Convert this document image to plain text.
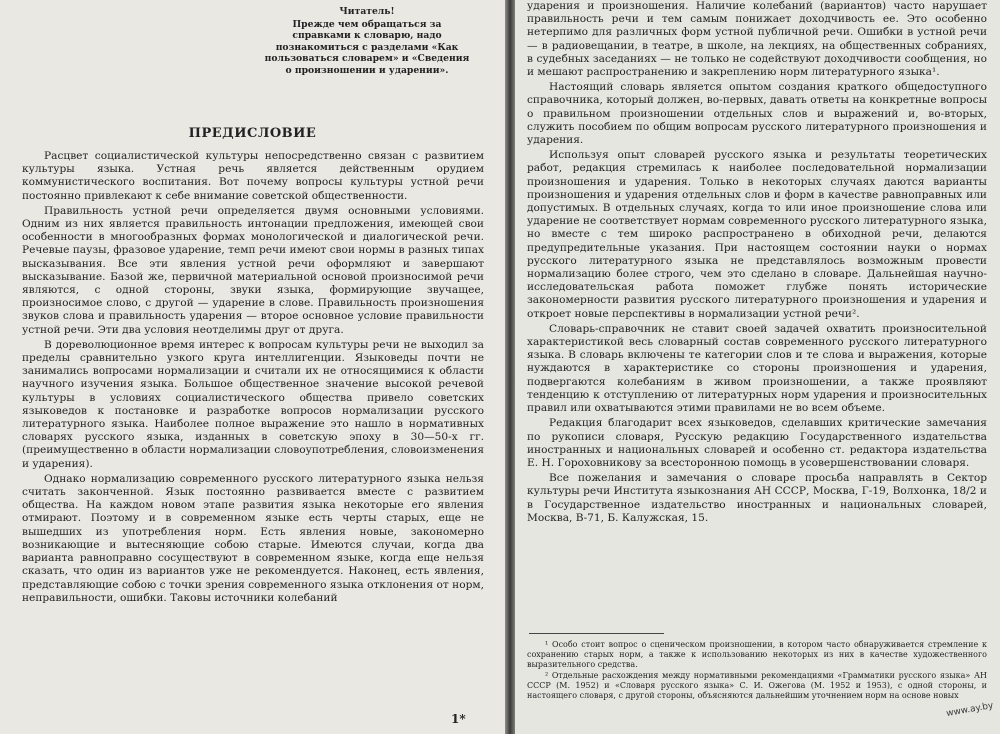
Читатель!

Прежде чем обращаться за справками к словарю, надо познакомиться с разделами «Как пользоваться словарем» и «Сведения о произношении и ударении».

ПРЕДИСЛОВИЕ

Расцвет социалистической культуры непосредственно связан с развитием культуры языка. Устная речь является действенным орудием коммунистического воспитания. Вот почему вопросы культуры устной речи постоянно привлекают к себе внимание советской общественности.

Правильность устной речи определяется двумя основными условиями. Одним из них является правильность интонации предложения, имеющей свои особенности в многообразных формах монологической и диалогической речи. Речевые паузы, фразовое ударение, темп речи имеют свои нормы в разных типах высказывания. Все эти явления устной речи оформляют и завершают высказывание. Базой же, первичной материальной основой произносимой речи являются, с одной стороны, звуки языка, формирующие звучащее, произносимое слово, с другой — ударение в слове. Правильность произношения звуков слова и правильность ударения — второе основное условие правильности устной речи. Эти два условия неотделимы друг от друга.

В дореволюционное время интерес к вопросам культуры речи не выходил за пределы сравнительно узкого круга интеллигенции. Языковеды почти не занимались вопросами нормализации и считали их не относящимися к области научного изучения языка. Большое общественное значение высокой речевой культуры в условиях социалистического общества привело советских языковедов к постановке и разработке вопросов нормализации русского литературного языка. Наиболее полное выражение это нашло в нормативных словарях русского языка, изданных в советскую эпоху в 30—50-х гг. (преимущественно в области нормализации словоупотребления, словоизменения и ударения).

Однако нормализацию современного русского литературного языка нельзя считать законченной. Язык постоянно развивается вместе с развитием общества. На каждом новом этапе развития языка некоторые его явления отмирают. Поэтому и в современном языке есть черты старых, еще не вышедших из употребления норм. Есть явления новые, закономерно возникающие и вытесняющие собою старые. Имеются случаи, когда два варианта равноправно сосуществуют в современном языке, когда еще нельзя сказать, что один из вариантов уже не рекомендуется. Наконец, есть явления, представляющие собою с точки зрения современного языка отклонения от норм, неправильности, ошибки. Таковы источники колебаний

1*

ударения и произношения. Наличие колебаний (вариантов) часто нарушает правильность речи и тем самым понижает доходчивость ее. Это особенно нетерпимо для различных форм устной публичной речи. Ошибки в устной речи — в радиовещании, в театре, в школе, на лекциях, на общественных собраниях, в судебных заседаниях — не только не содействуют доходчивости сообщения, но и мешают распространению и закреплению норм литературного языка¹.

Настоящий словарь является опытом создания краткого общедоступного справочника, который должен, во-первых, давать ответы на конкретные вопросы о правильном произношении отдельных слов и выражений и, во-вторых, служить пособием по общим вопросам русского литературного произношения и ударения.

Используя опыт словарей русского языка и результаты теоретических работ, редакция стремилась к наиболее последовательной нормализации произношения и ударения. Только в некоторых случаях даются варианты произношения и ударения отдельных слов и форм в качестве равноправных или допустимых. В отдельных случаях, когда то или иное произношение слова или ударение не соответствует нормам современного русского литературного языка, но вместе с тем широко распространено в обиходной речи, делаются предупредительные указания. При настоящем состоянии науки о нормах русского литературного языка не представлялось возможным провести нормализацию более строго, чем это сделано в словаре. Дальнейшая научно-исследовательская работа поможет глубже понять исторические закономерности развития русского литературного произношения и ударения и откроет новые перспективы в нормализации устной речи².

Словарь-справочник не ставит своей задачей охватить произносительной характеристикой весь словарный состав современного русского литературного языка. В словарь включены те категории слов и те слова и выражения, которые нуждаются в характеристике со стороны произношения и ударения, подвергаются колебаниям в живом произношении, а также проявляют тенденцию к отступлению от литературных норм ударения и произносительных правил или охватываются этими правилами не во всем объеме.

Редакция благодарит всех языковедов, сделавших критические замечания по рукописи словаря, Русскую редакцию Государственного издательства иностранных и национальных словарей и особенно ст. редактора издательства Е. Н. Гороховникову за всесторонною помощь в усовершенствовании словаря.

Все пожелания и замечания о словаре просьба направлять в Сектор культуры речи Института языкознания АН СССР, Москва, Г-19, Волхонка, 18/2 и в Государственное издательство иностранных и национальных словарей, Москва, В-71, Б. Калужская, 15.

¹ Особо стоит вопрос о сценическом произношении, в котором часто обнаруживается стремление к сохранению старых норм, а также к использованию некоторых из них в качестве художественного выразительного средства.

² Отдельные расхождения между нормативными рекомендациями «Грамматики русского языка» АН СССР (М. 1952) и «Словаря русского языка» С. И. Ожегова (М. 1952 и 1953), с одной стороны, и настоящего словаря, с другой стороны, объясняются дальнейшим уточнением норм на основе новых

www.ay.by
